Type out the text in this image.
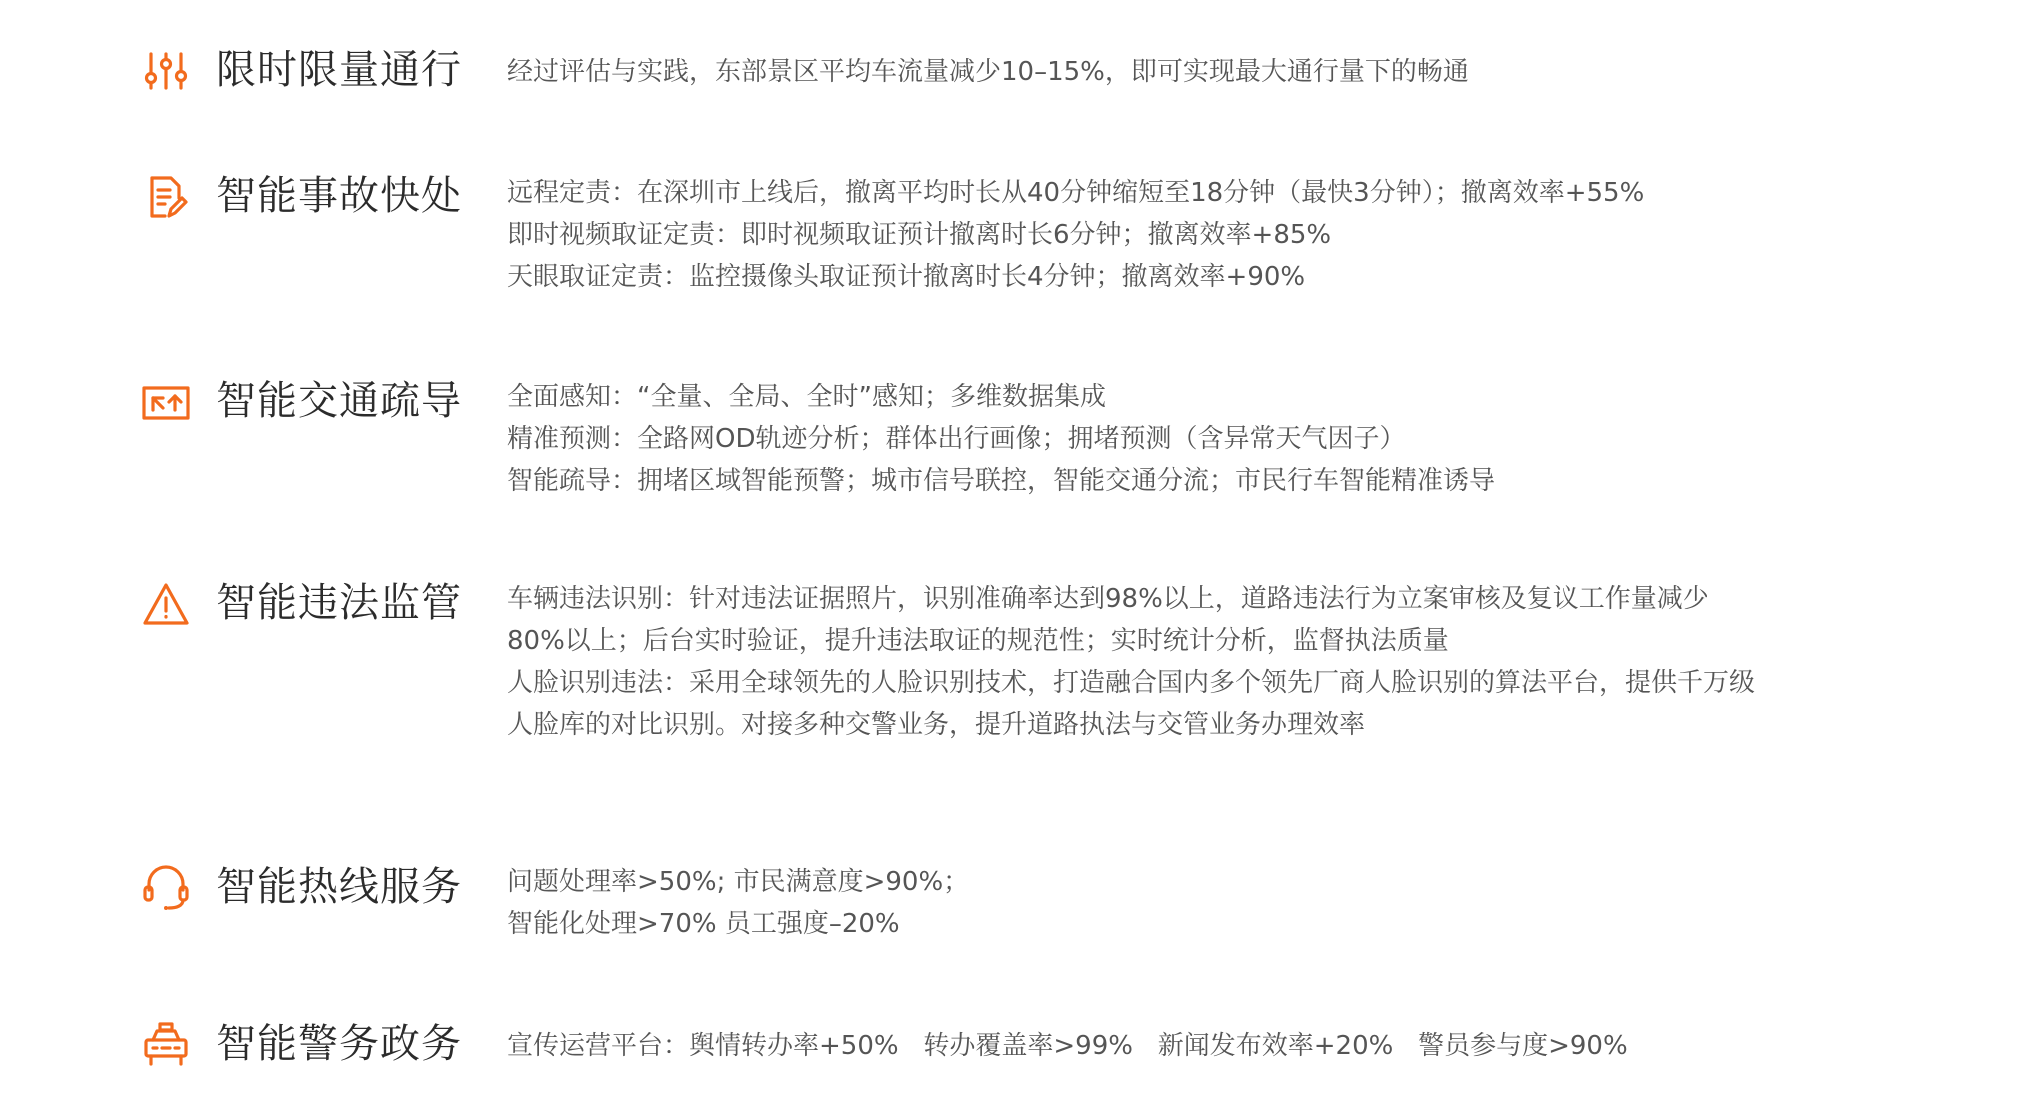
限时限量通行 经过评估与实践，东部景区平均车流量减少10–15%，即可实现最大通行量下的畅通
智能事故快处 远程定责：在深圳市上线后，撤离平均时长从40分钟缩短至18分钟（最快3分钟）；撤离效率+55%
即时视频取证定责：即时视频取证预计撤离时长6分钟；撤离效率+85%
天眼取证定责：监控摄像头取证预计撤离时长4分钟；撤离效率+90%
智能交通疏导 全面感知：“全量、全局、全时”感知；多维数据集成
精准预测：全路网OD轨迹分析；群体出行画像；拥堵预测（含异常天气因子）
智能疏导：拥堵区域智能预警；城市信号联控，智能交通分流；市民行车智能精准诱导
智能违法监管 车辆违法识别：针对违法证据照片，识别准确率达到98%以上，道路违法行为立案审核及复议工作量减少
80%以上；后台实时验证，提升违法取证的规范性；实时统计分析，监督执法质量
人脸识别违法：采用全球领先的人脸识别技术，打造融合国内多个领先厂商人脸识别的算法平台，提供千万级
人脸库的对比识别。对接多种交警业务，提升道路执法与交管业务办理效率
智能热线服务 问题处理率>50%; 市民满意度>90%；
智能化处理>70% 员工强度–20%
智能警务政务 宣传运营平台：舆情转办率+50%   转办覆盖率>99%   新闻发布效率+20%   警员参与度>90%
